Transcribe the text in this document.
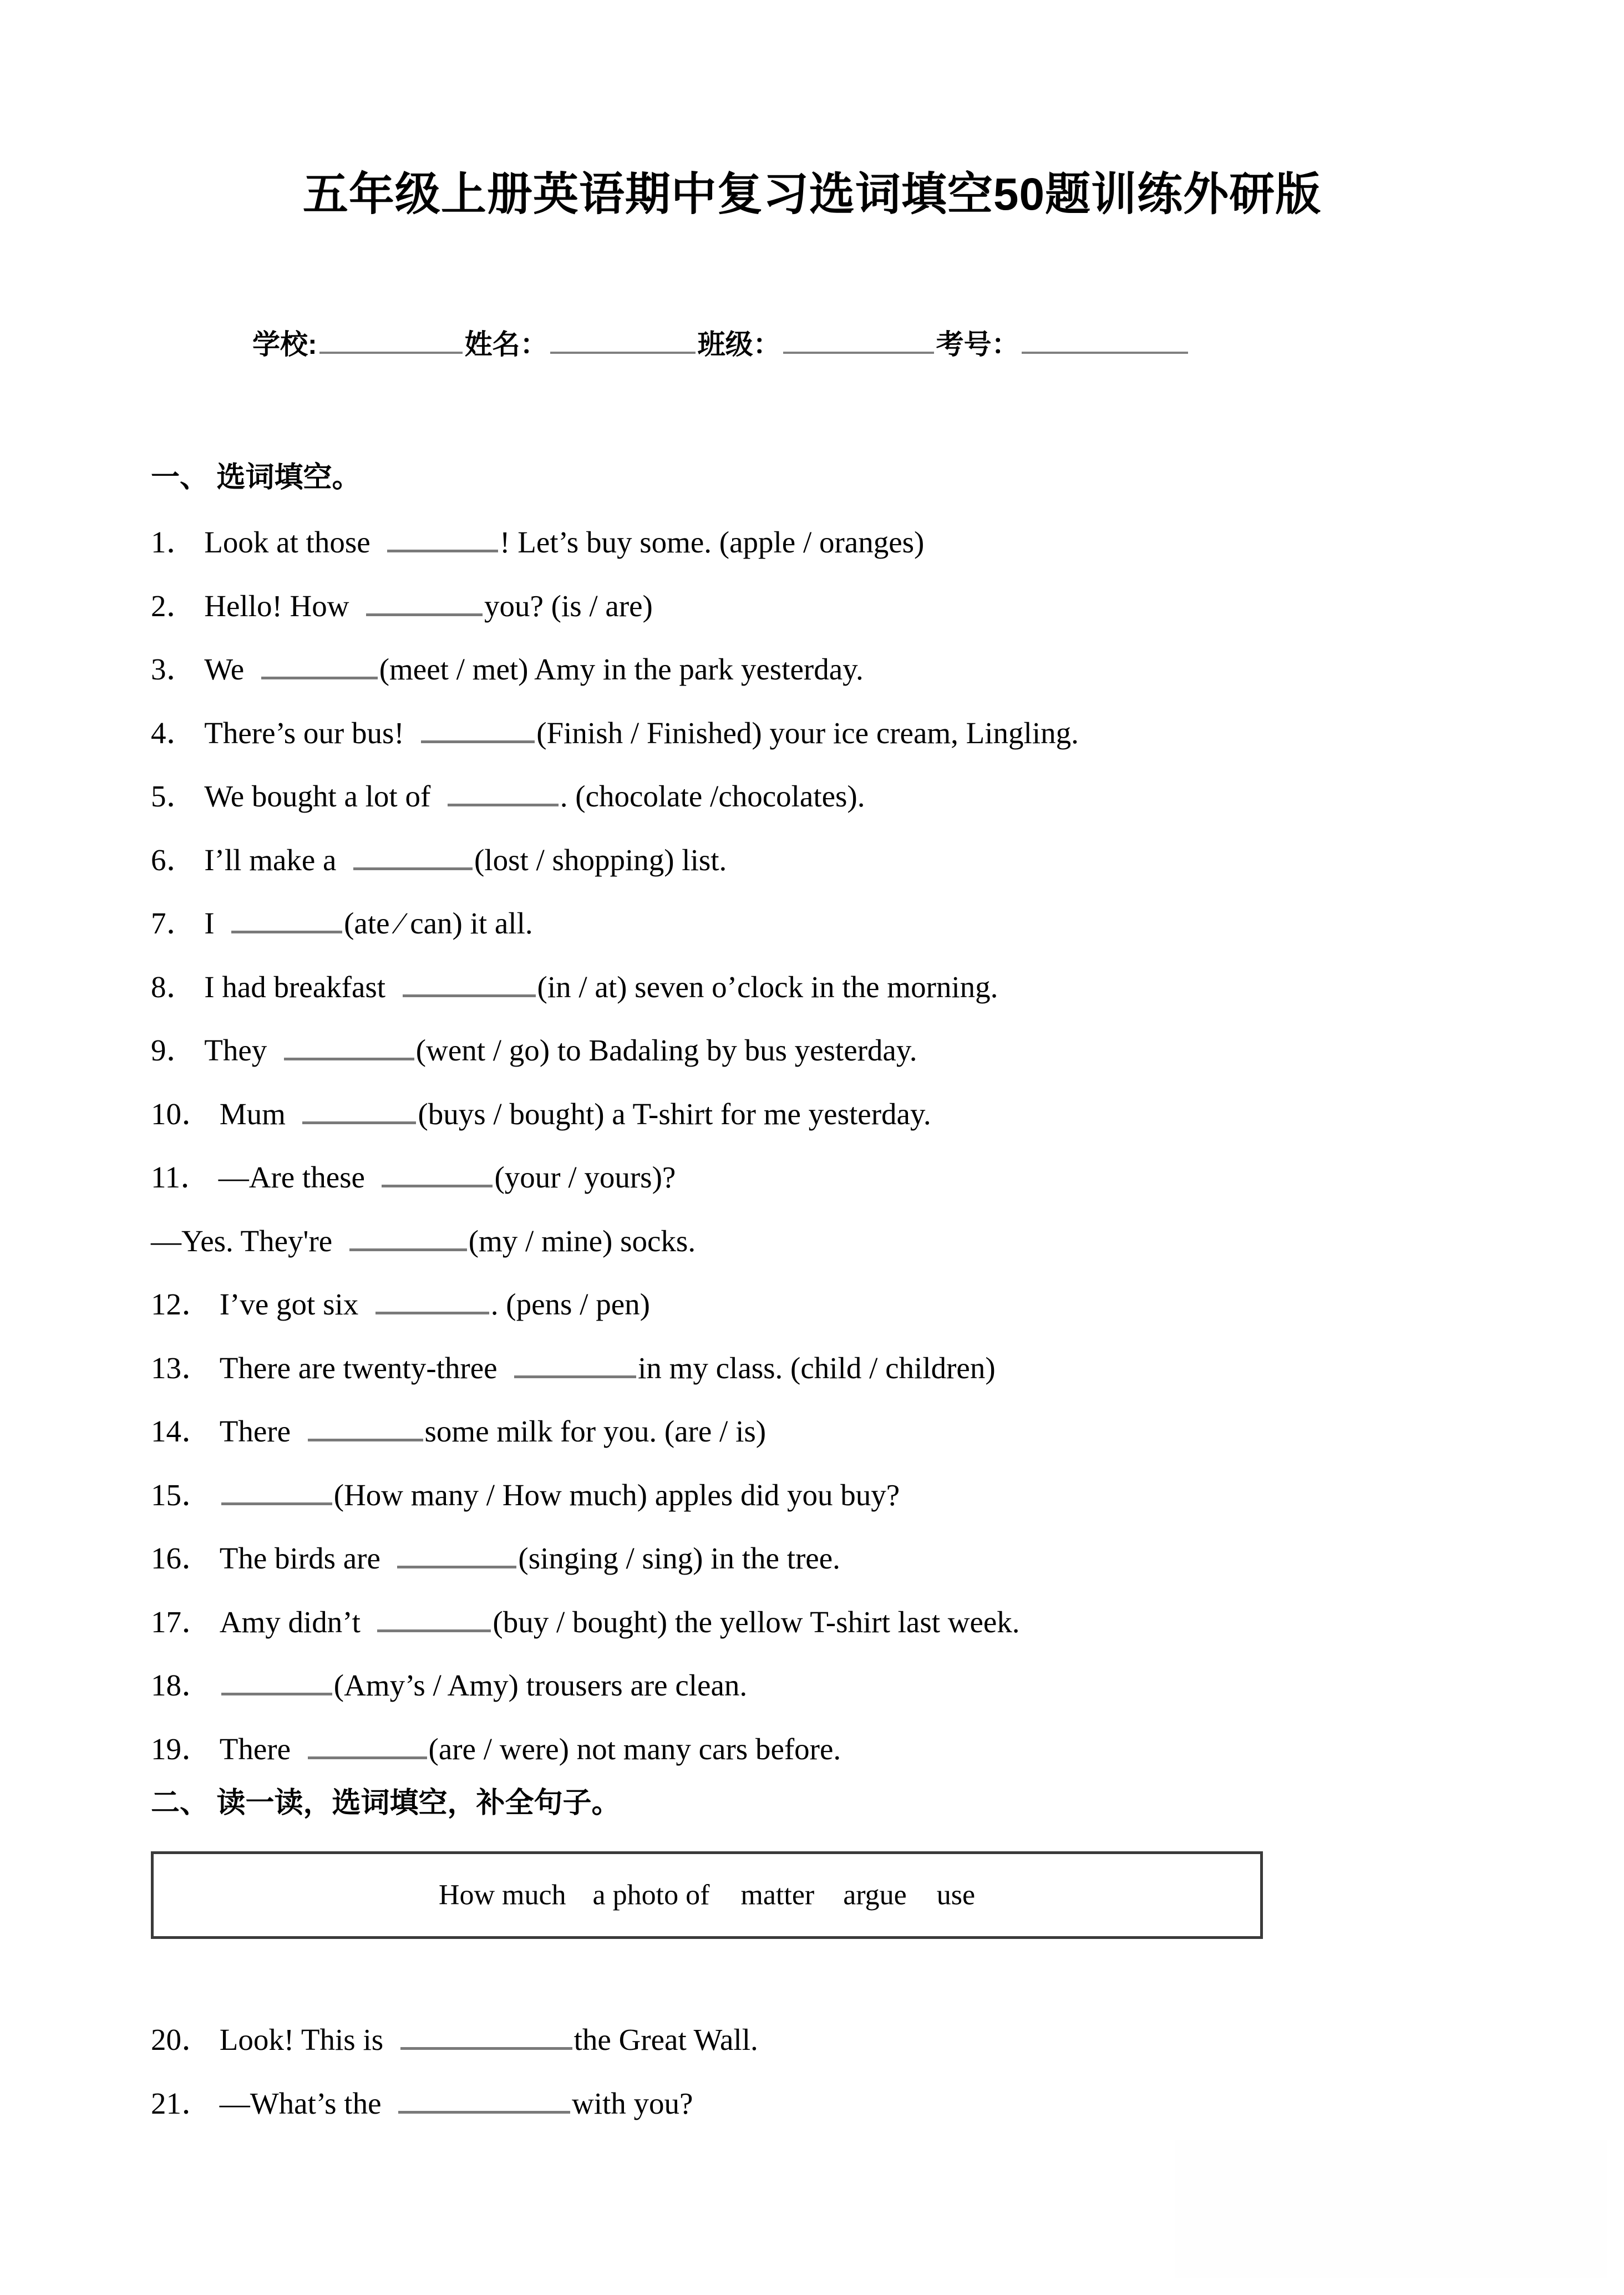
五年级上册英语期中复习选词填空50题训练外研版
学校:	姓名：	班级：	考号：
一、 选词填空。
1． Look at those	! Let’s buy some. (apple / oranges)
2． Hello! How	you? (is / are)
3． We	(meet / met) Amy in the park yesterday.
4． There’s our bus!	(Finish / Finished) your ice cream, Lingling.
5． We bought a lot of	. (chocolate /chocolates).
6． I’ll make a	(lost / shopping) list.
7． I	(ate ⁄ can) it all.
8． I had breakfast	(in / at) seven o’clock in the morning.
9． They	(went / go) to Badaling by bus yesterday.
10． Mum	(buys / bought) a T-shirt for me yesterday.
11． —Are these	(your / yours)?
—Yes. They're	(my / mine) socks.
12． I’ve got six	. (pens / pen)
13． There are twenty-three	in my class. (child / children)
14． There	some milk for you. (are / is)
15．	(How many / How much) apples did you buy?
16． The birds are	(singing / sing) in the tree.
17． Amy didn’t	(buy / bought) the yellow T-shirt last week.
18．	(Amy’s / Amy) trousers are clean.
19． There	(are / were) not many cars before.
二、 读一读，选词填空，补全句子。
How much a photo of matter argue use
20． Look! This is	the Great Wall.
21． —What’s the	with you?
